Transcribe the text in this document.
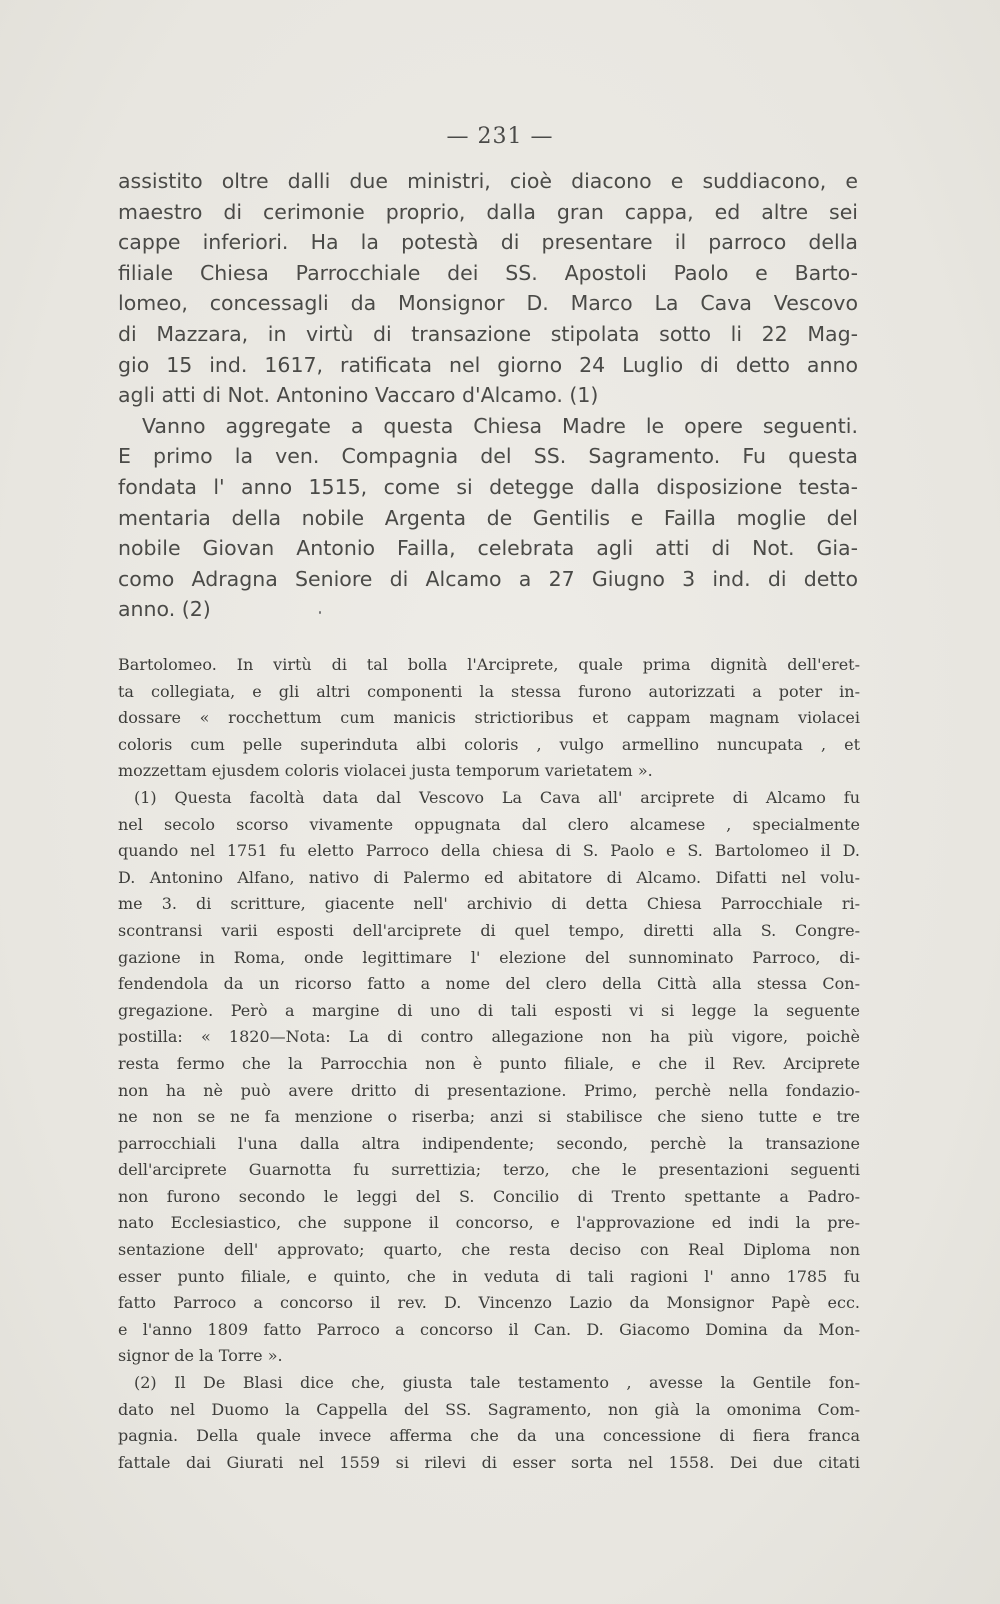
— 231 —
assistito oltre dalli due ministri, cioè diacono e suddiacono, e
maestro di cerimonie proprio, dalla gran cappa, ed altre sei
cappe inferiori. Ha la potestà di presentare il parroco della
filiale Chiesa Parrocchiale dei SS. Apostoli Paolo e Barto-
lomeo, concessagli da Monsignor D. Marco La Cava Vescovo
di Mazzara, in virtù di transazione stipolata sotto li 22 Mag-
gio 15 ind. 1617, ratificata nel giorno 24 Luglio di detto anno
agli atti di Not. Antonino Vaccaro d'Alcamo. (1)
Vanno aggregate a questa Chiesa Madre le opere seguenti.
E primo la ven. Compagnia del SS. Sagramento. Fu questa
fondata l' anno 1515, come si detegge dalla disposizione testa-
mentaria della nobile Argenta de Gentilis e Failla moglie del
nobile Giovan Antonio Failla, celebrata agli atti di Not. Gia-
como Adragna Seniore di Alcamo a 27 Giugno 3 ind. di detto
anno. (2)
Bartolomeo. In virtù di tal bolla l'Arciprete, quale prima dignità dell'eret-
ta collegiata, e gli altri componenti la stessa furono autorizzati a poter in-
dossare « rocchettum cum manicis strictioribus et cappam magnam violacei
coloris cum pelle superinduta albi coloris , vulgo armellino nuncupata , et
mozzettam ejusdem coloris violacei justa temporum varietatem ».
(1) Questa facoltà data dal Vescovo La Cava all' arciprete di Alcamo fu
nel secolo scorso vivamente oppugnata dal clero alcamese , specialmente
quando nel 1751 fu eletto Parroco della chiesa di S. Paolo e S. Bartolomeo il D.
D. Antonino Alfano, nativo di Palermo ed abitatore di Alcamo. Difatti nel volu-
me 3. di scritture, giacente nell' archivio di detta Chiesa Parrocchiale ri-
scontransi varii esposti dell'arciprete di quel tempo, diretti alla S. Congre-
gazione in Roma, onde legittimare l' elezione del sunnominato Parroco, di-
fendendola da un ricorso fatto a nome del clero della Città alla stessa Con-
gregazione. Però a margine di uno di tali esposti vi si legge la seguente
postilla: « 1820—Nota: La di contro allegazione non ha più vigore, poichè
resta fermo che la Parrocchia non è punto filiale, e che il Rev. Arciprete
non ha nè può avere dritto di presentazione. Primo, perchè nella fondazio-
ne non se ne fa menzione o riserba; anzi si stabilisce che sieno tutte e tre
parrocchiali l'una dalla altra indipendente; secondo, perchè la transazione
dell'arciprete Guarnotta fu surrettizia; terzo, che le presentazioni seguenti
non furono secondo le leggi del S. Concilio di Trento spettante a Padro-
nato Ecclesiastico, che suppone il concorso, e l'approvazione ed indi la pre-
sentazione dell' approvato; quarto, che resta deciso con Real Diploma non
esser punto filiale, e quinto, che in veduta di tali ragioni l' anno 1785 fu
fatto Parroco a concorso il rev. D. Vincenzo Lazio da Monsignor Papè ecc.
e l'anno 1809 fatto Parroco a concorso il Can. D. Giacomo Domina da Mon-
signor de la Torre ».
(2) Il De Blasi dice che, giusta tale testamento , avesse la Gentile fon-
dato nel Duomo la Cappella del SS. Sagramento, non già la omonima Com-
pagnia. Della quale invece afferma che da una concessione di fiera franca
fattale dai Giurati nel 1559 si rilevi di esser sorta nel 1558. Dei due citati
